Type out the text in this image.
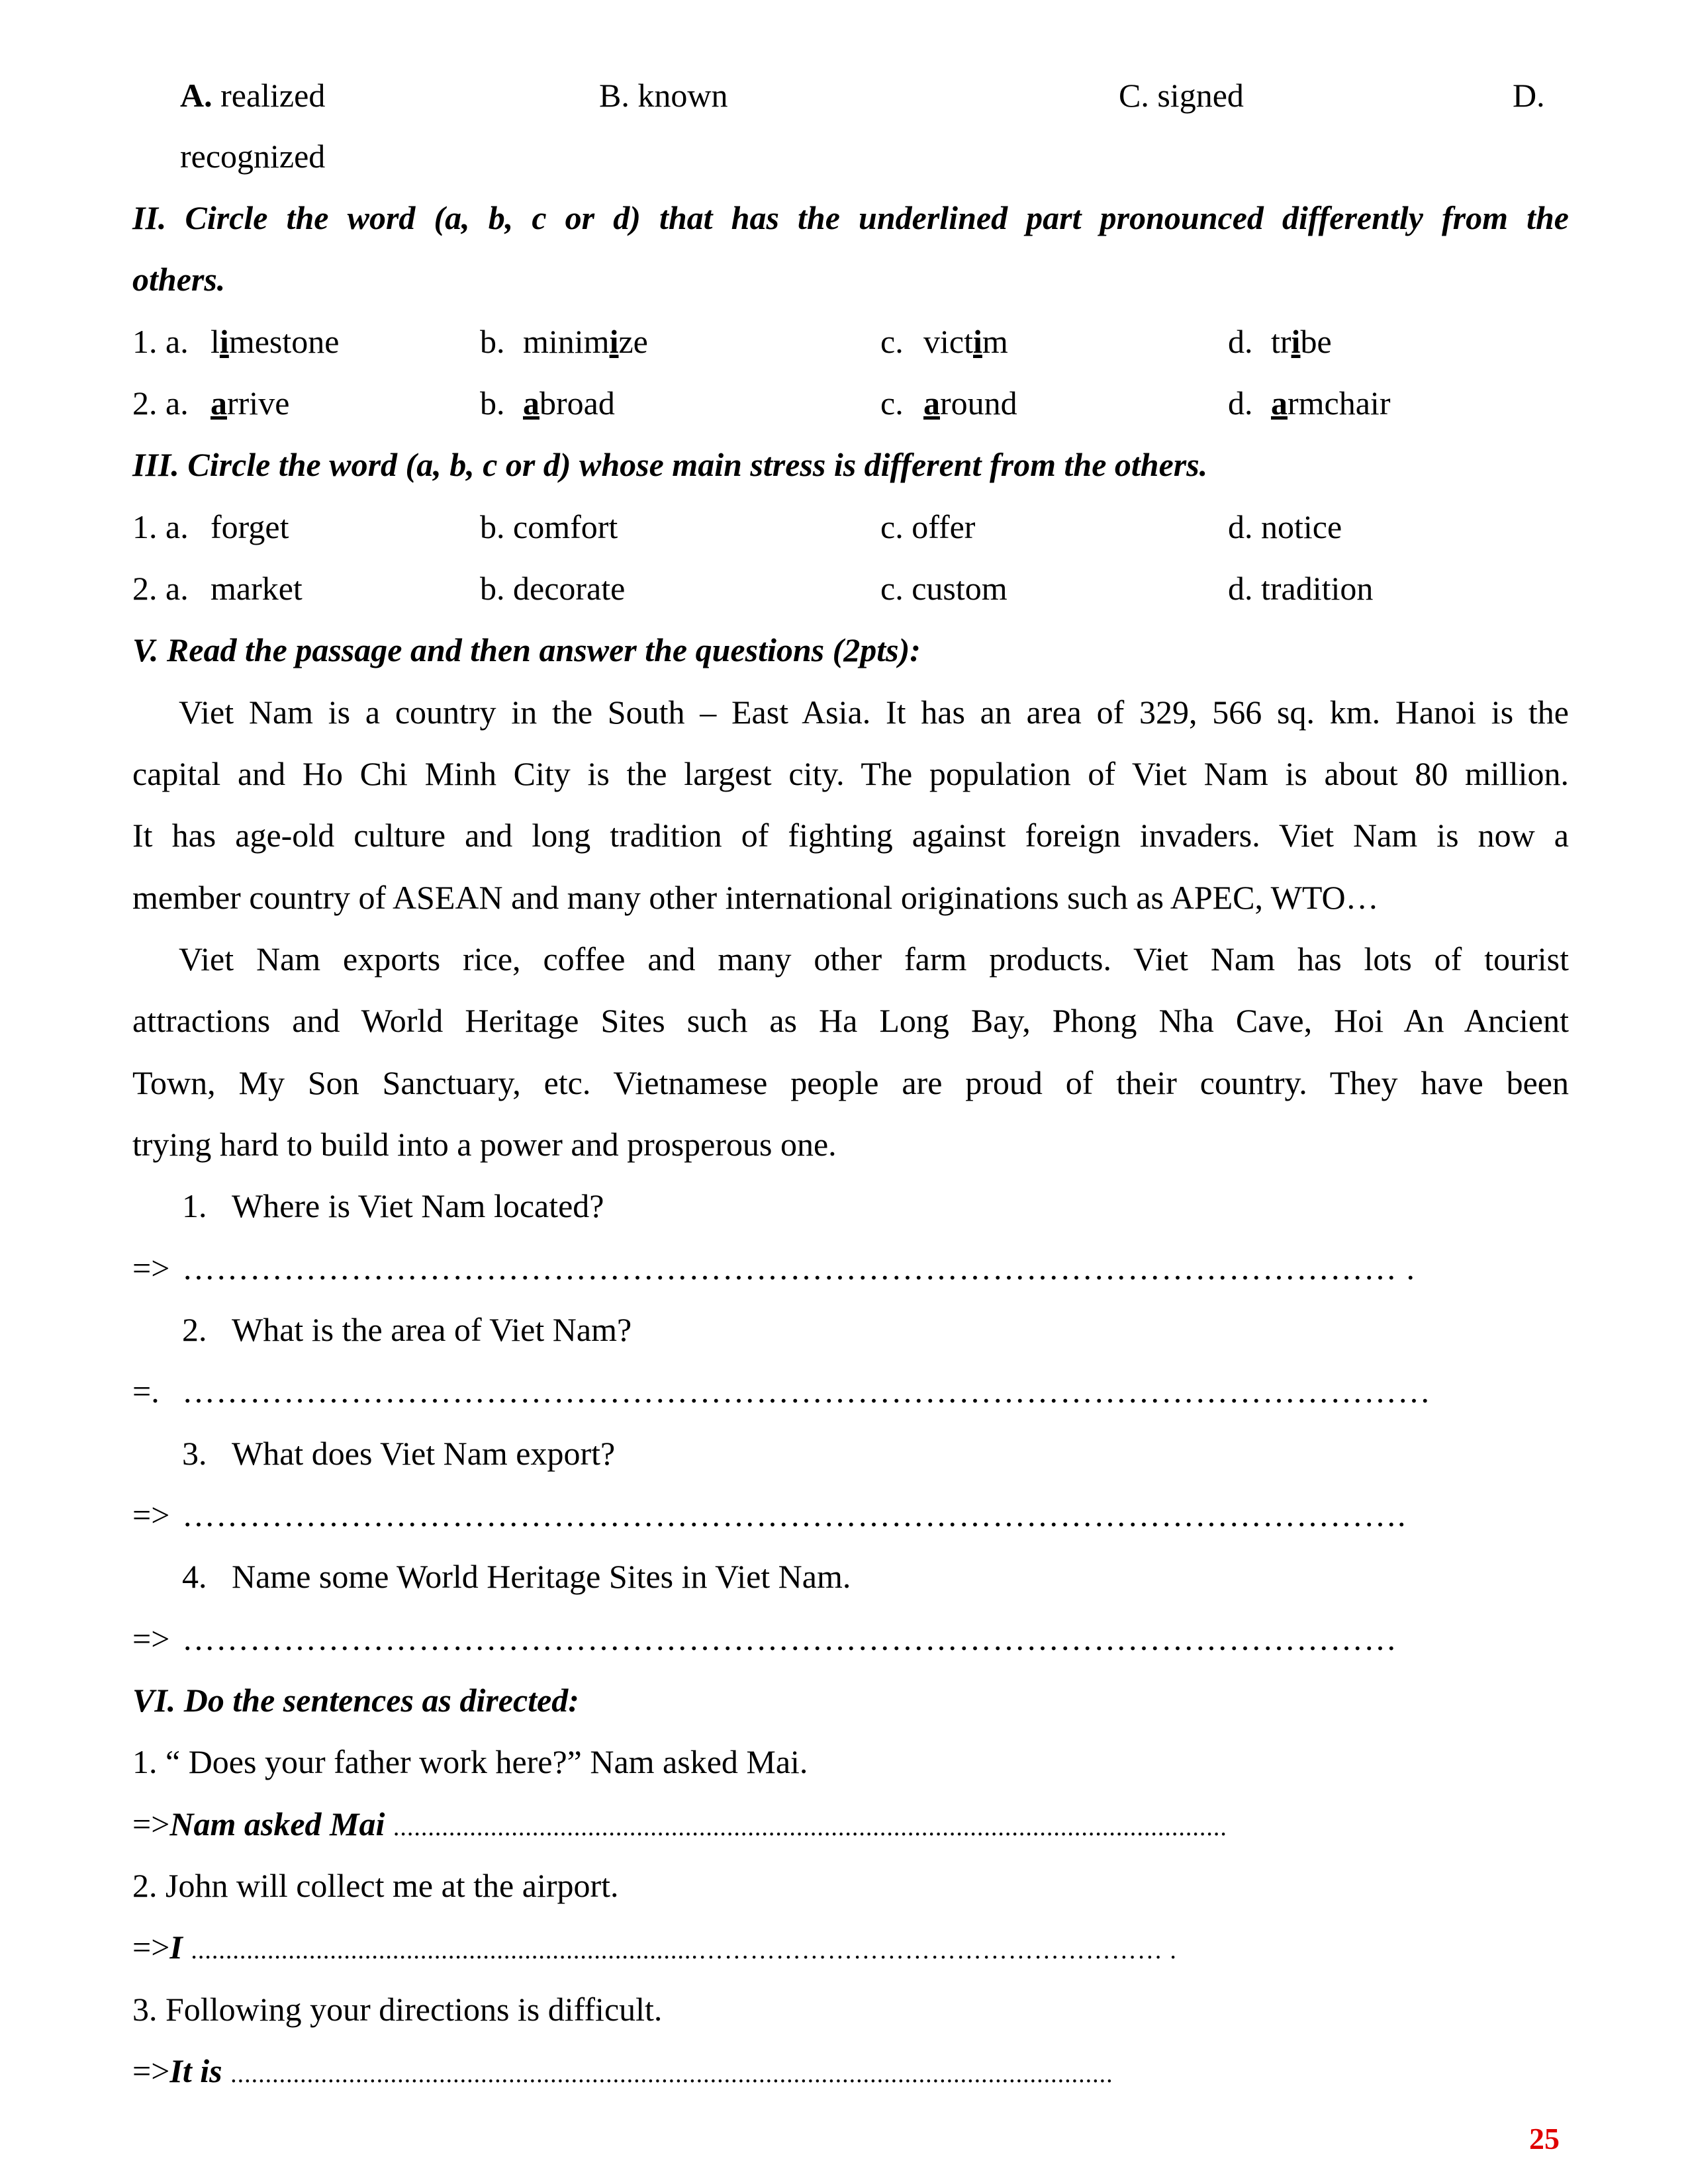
A. realized	B. known	C. signed	D.
recognized
II. Circle the word (a, b, c or d) that has the underlined part pronounced differently from the
others.
1. a. limestone	b. minimize	c. victim	d. tribe
2. a. arrive	b. abroad	c. around	d. armchair
III. Circle the word (a, b, c or d) whose main stress is different from the others.
1. a. forget	b. comfort	c. offer	d. notice
2. a. market	b. decorate	c. custom	d. tradition
V. Read the passage and then answer the questions (2pts):
Viet Nam is a country in the South – East Asia. It has an area of 329, 566 sq. km. Hanoi is the
capital and Ho Chi Minh City is the largest city. The population of Viet Nam is about 80 million.
It has age-old culture and long tradition of fighting against foreign invaders. Viet Nam is now a
member country of ASEAN and many other international originations such as APEC, WTO…
Viet Nam exports rice, coffee and many other farm products. Viet Nam has lots of tourist
attractions and World Heritage Sites such as Ha Long Bay, Phong Nha Cave, Hoi An Ancient
Town, My Son Sanctuary, etc. Vietnamese people are proud of their country. They have been
trying hard to build into a power and prosperous one.
1. Where is Viet Nam located?
=> ……………………………………………………………………………………………… .
2. What is the area of Viet Nam?
=. …………………………………………………………………………………………………
3. What does Viet Nam export?
=> ……………………………………………………………………………………………….
4. Name some World Heritage Sites in Viet Nam.
=> ………………………………………………………………………………………………
VI. Do the sentences as directed:
1. “ Does your father work here?” Nam asked Mai.
=>Nam asked Mai ........................................................................................................................
2. John will collect me at the airport.
=>I .........................................................................……………………………………………… .
3. Following your directions is difficult.
=>It is ...............................................................................................................................
25
